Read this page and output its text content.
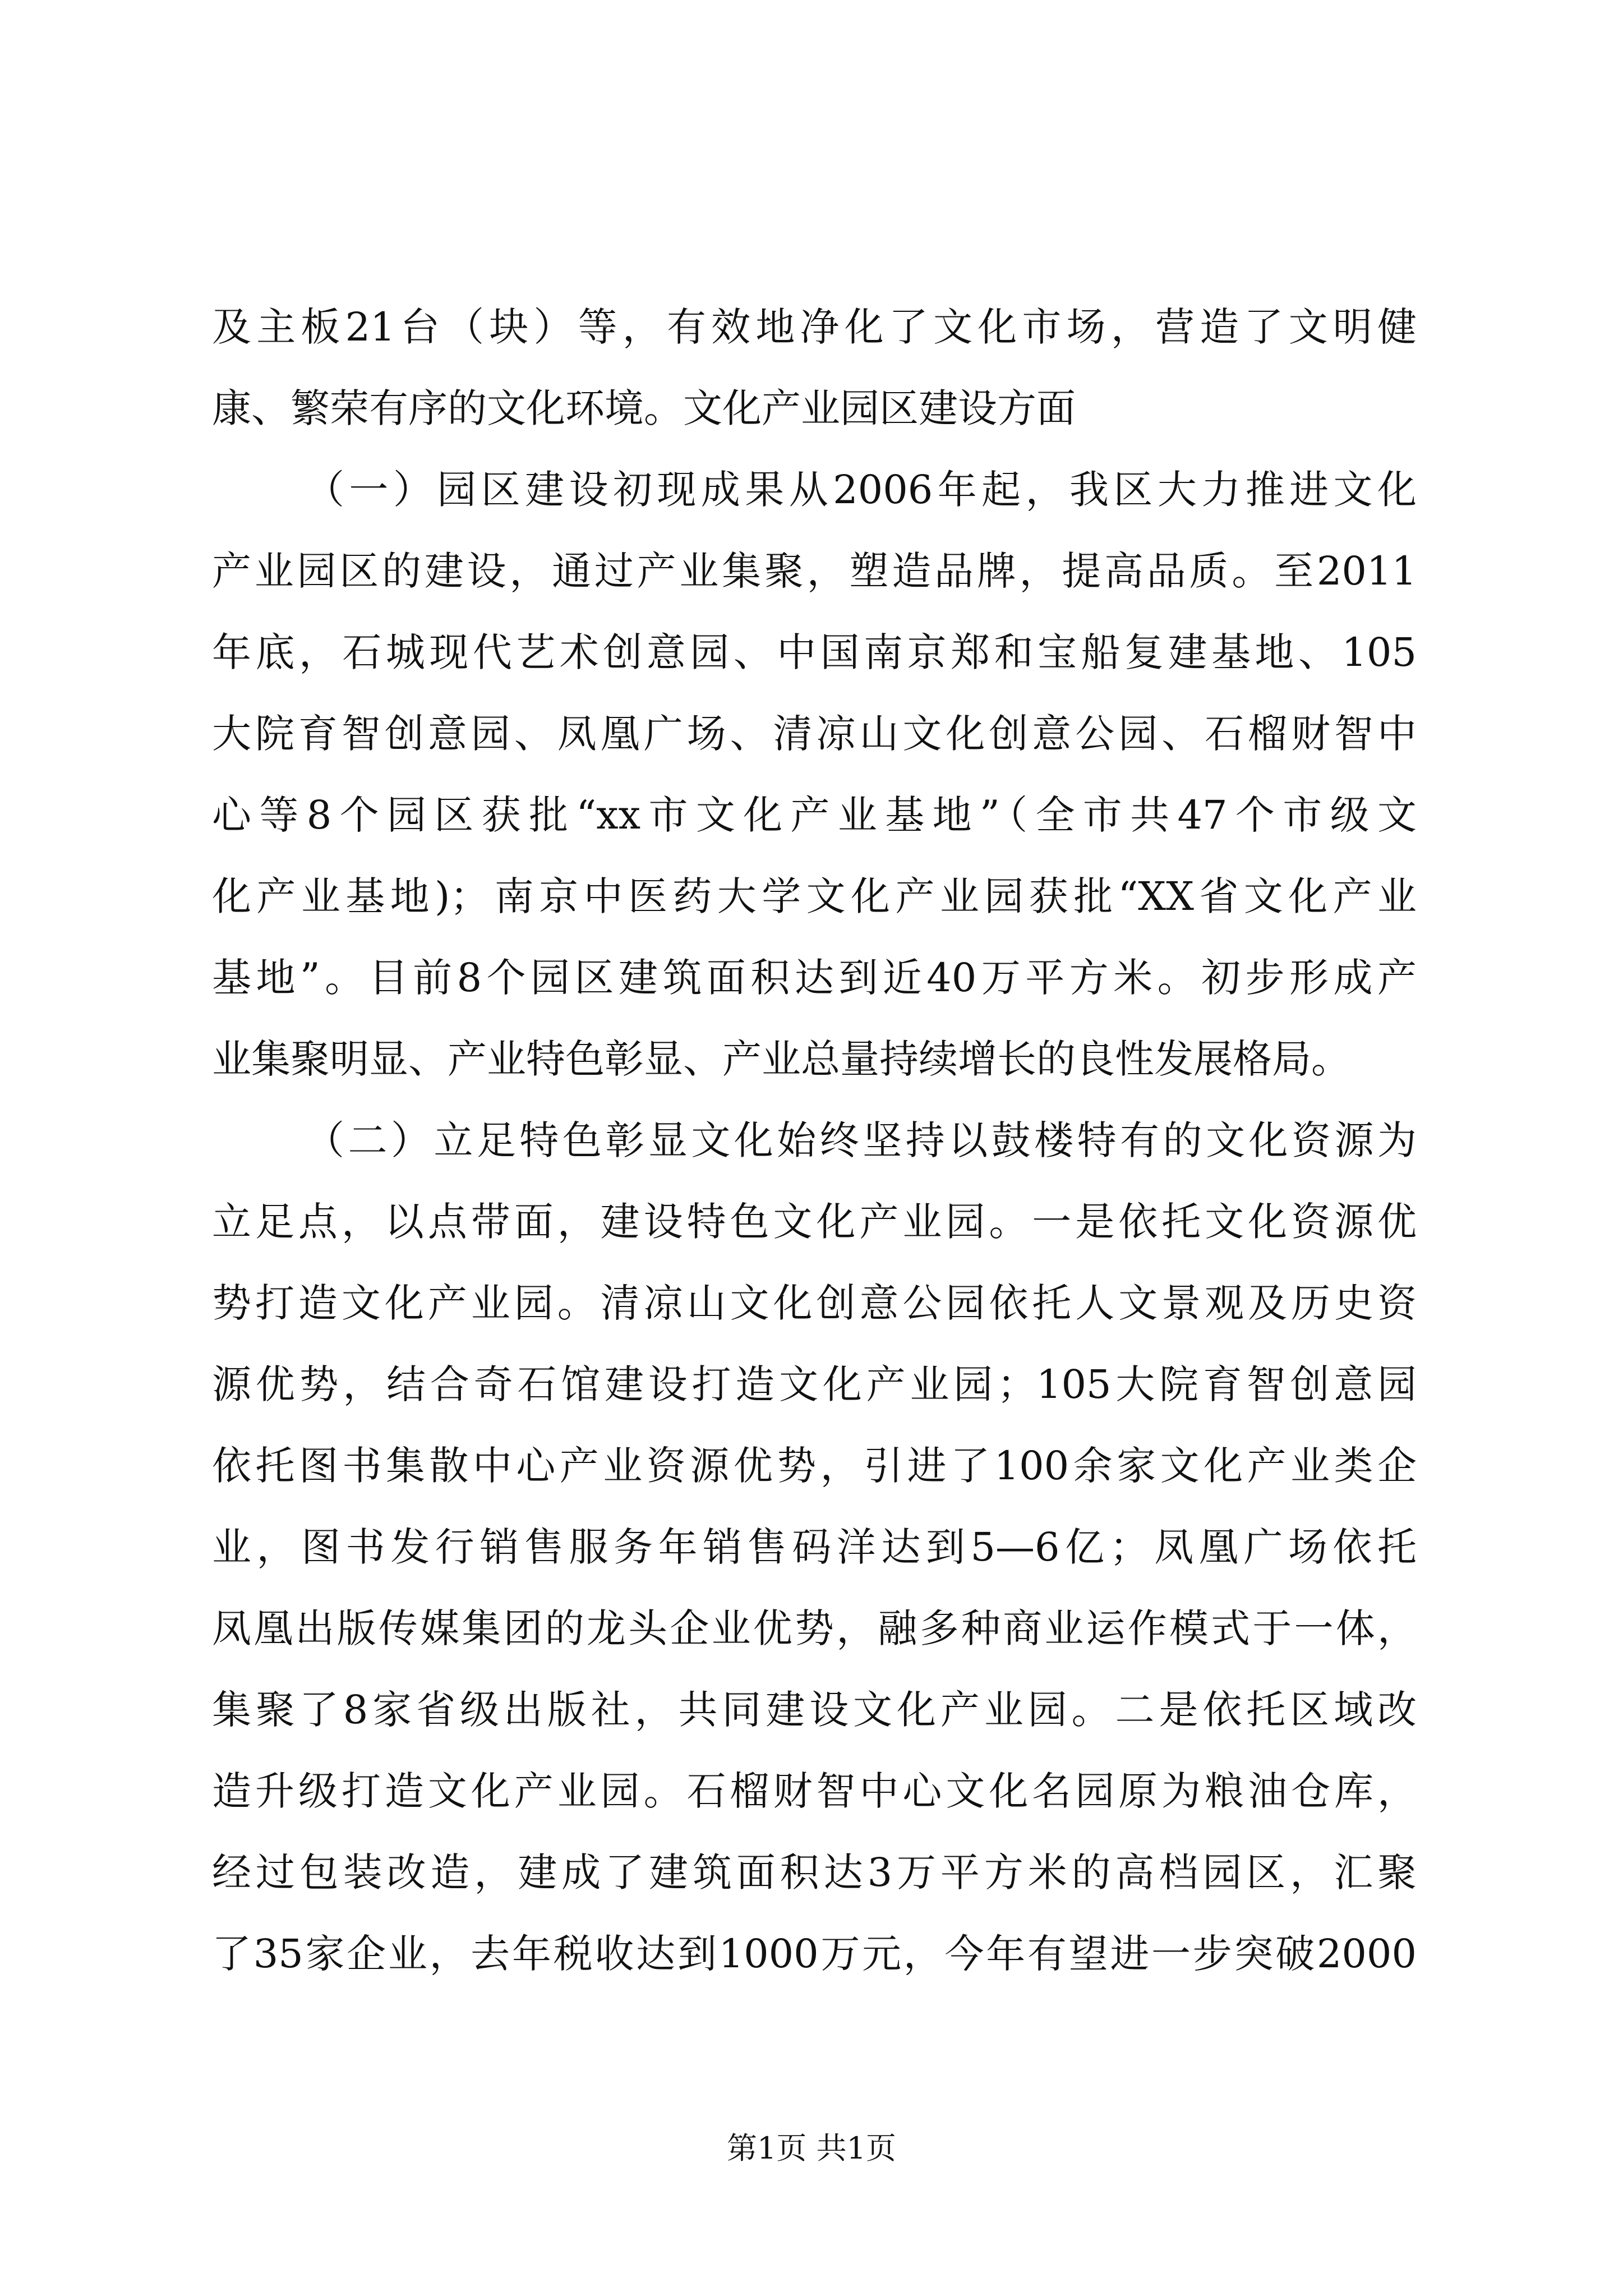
及主板21台（块）等，有效地净化了文化市场，营造了文明健
康、繁荣有序的文化环境。文化产业园区建设方面
（一）园区建设初现成果从2006年起，我区大力推进文化
产业园区的建设，通过产业集聚，塑造品牌，提高品质。至2011
年底，石城现代艺术创意园、中国南京郑和宝船复建基地、105
大院育智创意园、凤凰广场、清凉山文化创意公园、石榴财智中
心等8个园区获批“xx市文化产业基地”（全市共47个市级文
化产业基地)；南京中医药大学文化产业园获批“XX省文化产业
基地”。目前8个园区建筑面积达到近40万平方米。初步形成产
业集聚明显、产业特色彰显、产业总量持续增长的良性发展格局。
（二）立足特色彰显文化始终坚持以鼓楼特有的文化资源为
立足点，以点带面，建设特色文化产业园。一是依托文化资源优
势打造文化产业园。清凉山文化创意公园依托人文景观及历史资
源优势，结合奇石馆建设打造文化产业园；105大院育智创意园
依托图书集散中心产业资源优势，引进了100余家文化产业类企
业，图书发行销售服务年销售码洋达到5—6亿；凤凰广场依托
凤凰出版传媒集团的龙头企业优势，融多种商业运作模式于一体，
集聚了8家省级出版社，共同建设文化产业园。二是依托区域改
造升级打造文化产业园。石榴财智中心文化名园原为粮油仓库，
经过包装改造，建成了建筑面积达3万平方米的高档园区，汇聚
了35家企业，去年税收达到1000万元，今年有望进一步突破2000
第1页 共1页
